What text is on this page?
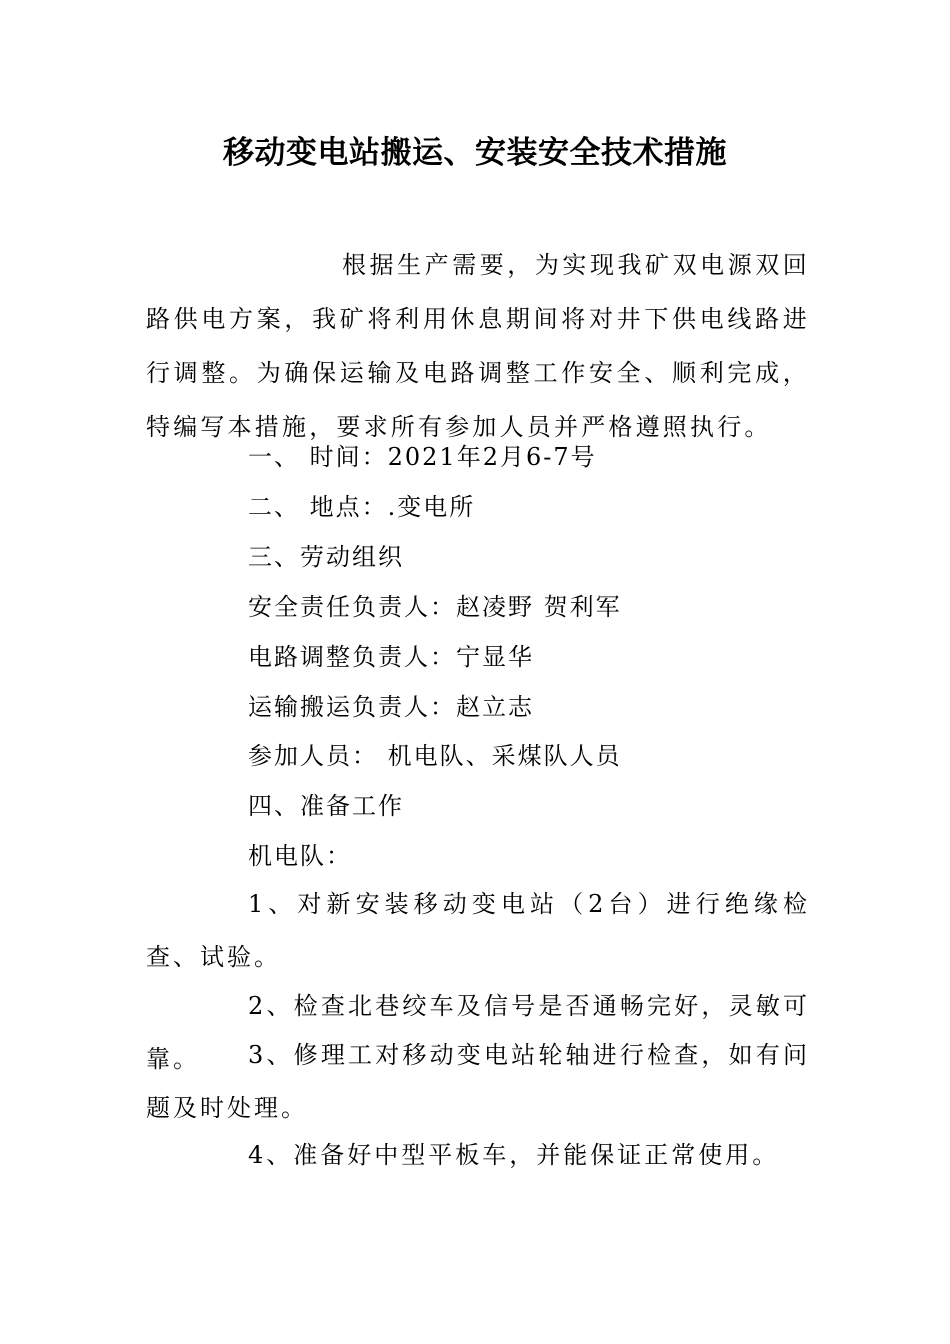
移动变电站搬运、安装安全技术措施

根据生产需要，为实现我矿双电源双回路供电方案，我矿将利用休息期间将对井下供电线路进行调整。为确保运输及电路调整工作安全、顺利完成，特编写本措施，要求所有参加人员并严格遵照执行。

一、 时间：2021年2月6-7号

二、 地点：.变电所

三、劳动组织

安全责任负责人：赵凌野 贺利军

电路调整负责人：宁显华

运输搬运负责人：赵立志

参加人员： 机电队、采煤队人员

四、准备工作

机电队：

1、对新安装移动变电站（2台）进行绝缘检查、试验。

2、检查北巷绞车及信号是否通畅完好，灵敏可靠。	3、修理工对移动变电站轮轴进行检查，如有问题及时处理。

4、准备好中型平板车，并能保证正常使用。
